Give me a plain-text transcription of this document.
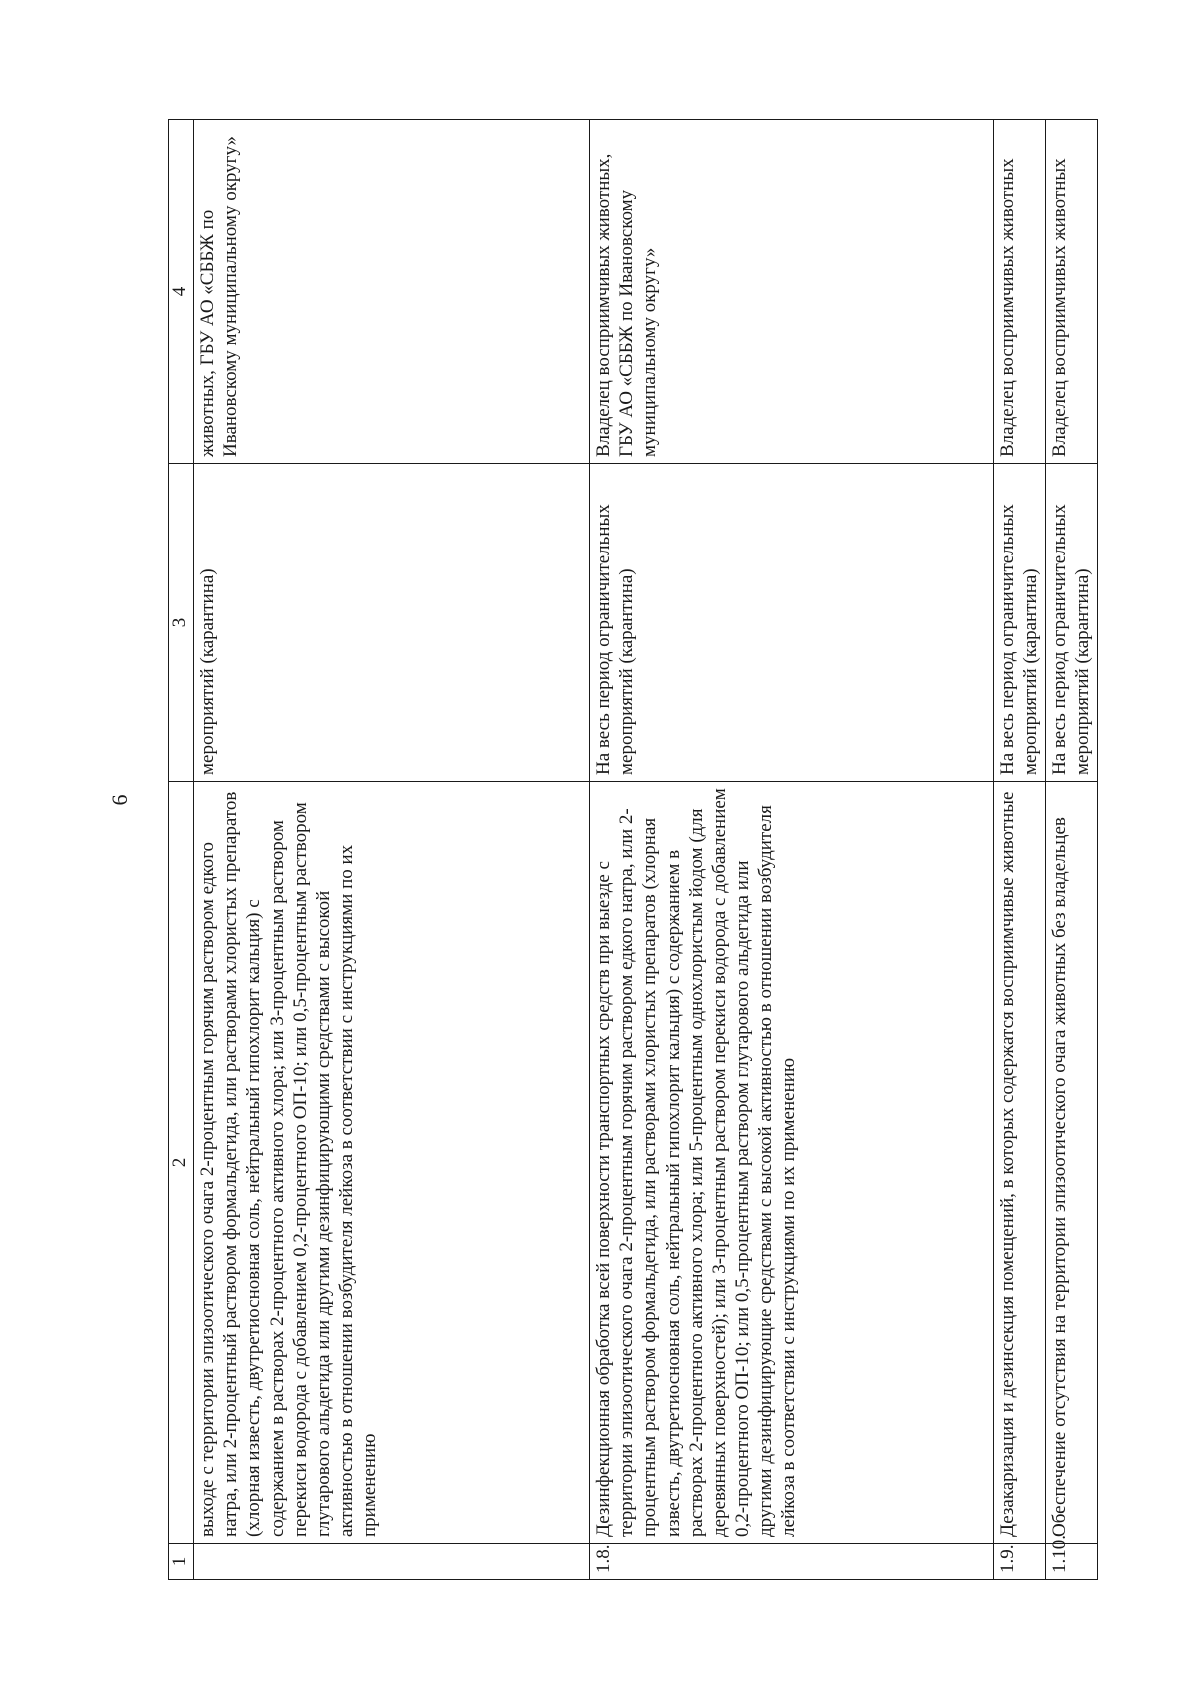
6
1	2	3	4
	выходе с территории эпизоотического очага 2-процентным горячим раствором едкого натра, или 2-процентный раствором формальдегида, или растворами хлористых препаратов (хлорная известь, двутретиосновная соль, нейтральный гипохлорит кальция) с содержанием в растворах 2-процентного активного хлора; или 3-процентным раствором перекиси водорода с добавлением 0,2-процентного ОП-10; или 0,5-процентным раствором глутарового альдегида или другими дезинфицирующими средствами с высокой активностью в отношении возбудителя лейкоза в соответствии с инструкциями по их применению	мероприятий (карантина)	животных, ГБУ АО «СББЖ по Ивановскому муниципальному округу»
1.8.	Дезинфекционная обработка всей поверхности транспортных средств при выезде с территории эпизоотического очага 2-процентным горячим раствором едкого натра, или 2-процентным раствором формальдегида, или растворами хлористых препаратов (хлорная известь, двутретиосновная соль, нейтральный гипохлорит кальция) с содержанием в растворах 2-процентного активного хлора; или 5-процентным однохлористым йодом (для деревянных поверхностей); или 3-процентным раствором перекиси водорода с добавлением 0,2-процентного ОП-10; или 0,5-процентным раствором глутарового альдегида или другими дезинфицирующие средствами с высокой активностью в отношении возбудителя лейкоза в соответствии с инструкциями по их применению	На весь период ограничительных мероприятий (карантина)	Владелец восприимчивых животных, ГБУ АО «СББЖ по Ивановскому муниципальному округу»
1.9.	Дезакаризация и дезинсекция помещений, в которых содержатся восприимчивые животные	На весь период ограничительных мероприятий (карантина)	Владелец восприимчивых животных
1.10.	Обеспечение отсутствия на территории эпизоотического очага животных без владельцев	На весь период ограничительных мероприятий (карантина)	Владелец восприимчивых животных
